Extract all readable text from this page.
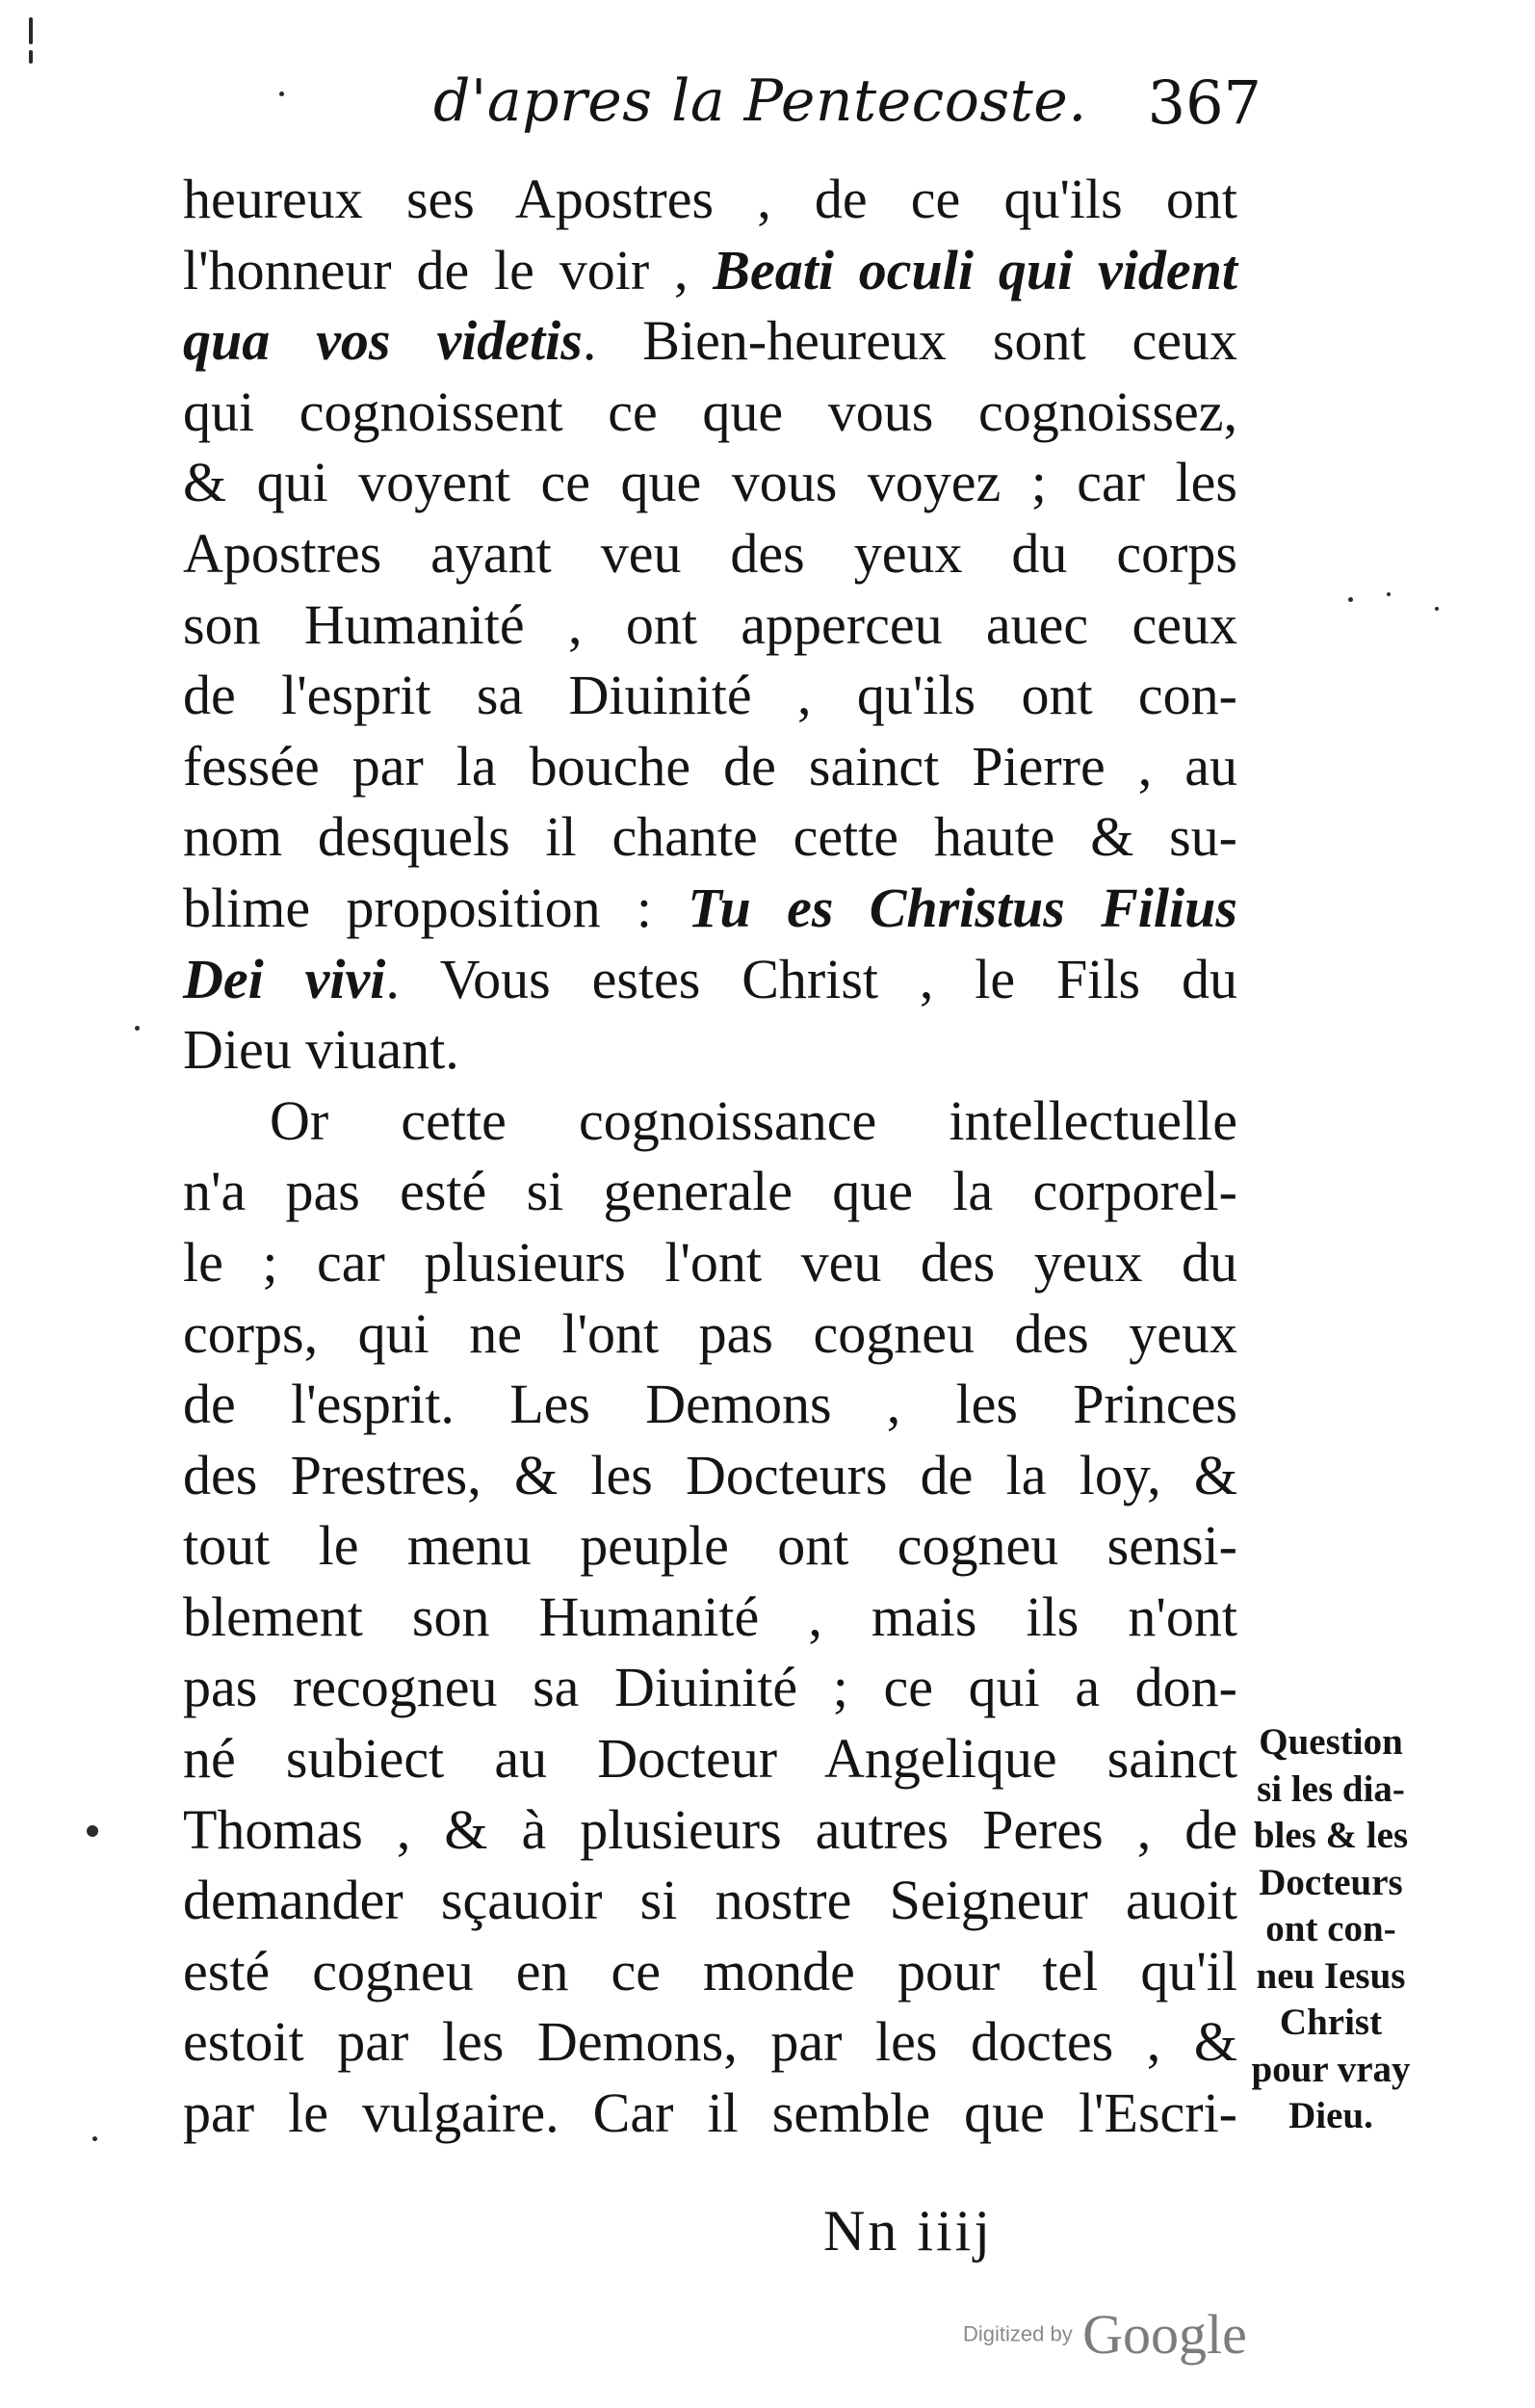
d'apres la Pentecoste. 367
heureux ses Apostres , de ce qu'ils ont
l'honneur de le voir , Beati oculi qui vident
qua vos videtis. Bien-heureux sont ceux
qui cognoissent ce que vous cognoissez,
& qui voyent ce que vous voyez ; car les
Apostres ayant veu des yeux du corps
son Humanité , ont apperceu auec ceux
de l'esprit sa Diuinité , qu'ils ont con-
fessée par la bouche de sainct Pierre , au
nom desquels il chante cette haute & su-
blime proposition : Tu es Christus Filius
Dei vivi. Vous estes Christ , le Fils du
Dieu viuant.
Or cette cognoissance intellectuelle
n'a pas esté si generale que la corporel-
le ; car plusieurs l'ont veu des yeux du
corps, qui ne l'ont pas cogneu des yeux
de l'esprit. Les Demons , les Princes
des Prestres, & les Docteurs de la loy, &
tout le menu peuple ont cogneu sensi-
blement son Humanité , mais ils n'ont
pas recogneu sa Diuinité ; ce qui a don-
né subiect au Docteur Angelique sainct
Thomas , & à plusieurs autres Peres , de
demander sçauoir si nostre Seigneur auoit
esté cogneu en ce monde pour tel qu'il
estoit par les Demons, par les doctes , &
par le vulgaire. Car il semble que l'Escri-
Question
si les dia-
bles & les
Docteurs
ont con-
neu Iesus
Christ
pour vray
Dieu.
Nn iiij
Digitized by Google
